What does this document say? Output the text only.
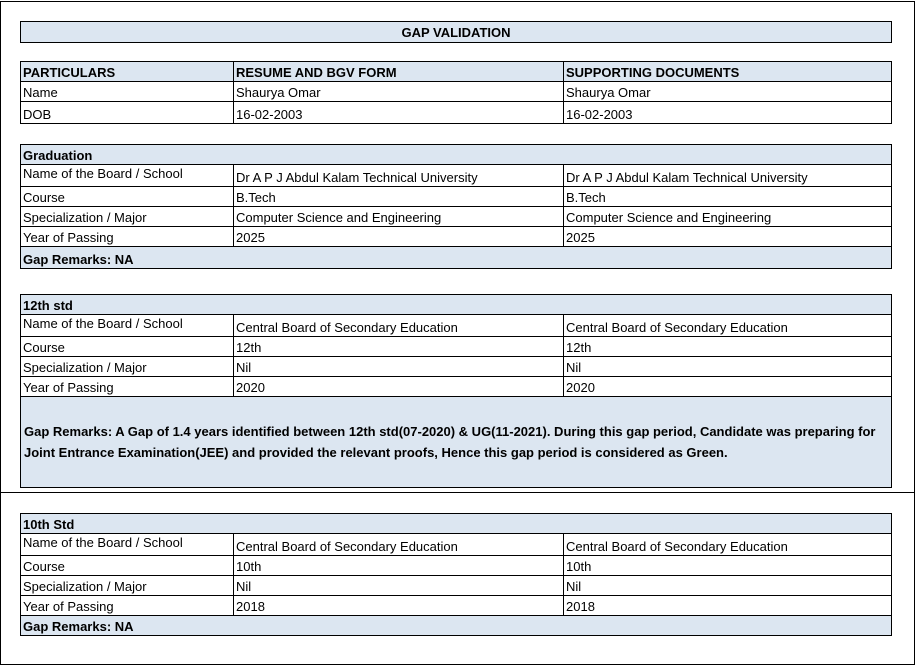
GAP VALIDATION
PARTICULARS	RESUME AND BGV FORM	SUPPORTING DOCUMENTS
Name	Shaurya Omar	Shaurya Omar
DOB	16-02-2003	16-02-2003
Graduation		
Name of the Board / School	Dr A P J Abdul Kalam Technical University	Dr A P J Abdul Kalam Technical University
Course	B.Tech	B.Tech
Specialization / Major	Computer Science and Engineering	Computer Science and Engineering
Year of Passing	2025	2025
Gap Remarks: NA		
12th std		
Name of the Board / School	Central Board of Secondary Education	Central Board of Secondary Education
Course	12th	12th
Specialization / Major	Nil	Nil
Year of Passing	2020	2020
Gap Remarks: A Gap of 1.4 years identified between 12th std(07-2020) & UG(11-2021). During this gap period, Candidate was preparing for Joint Entrance Examination(JEE) and provided the relevant proofs, Hence this gap period is considered as Green.		
10th Std		
Name of the Board / School	Central Board of Secondary Education	Central Board of Secondary Education
Course	10th	10th
Specialization / Major	Nil	Nil
Year of Passing	2018	2018
Gap Remarks: NA		
